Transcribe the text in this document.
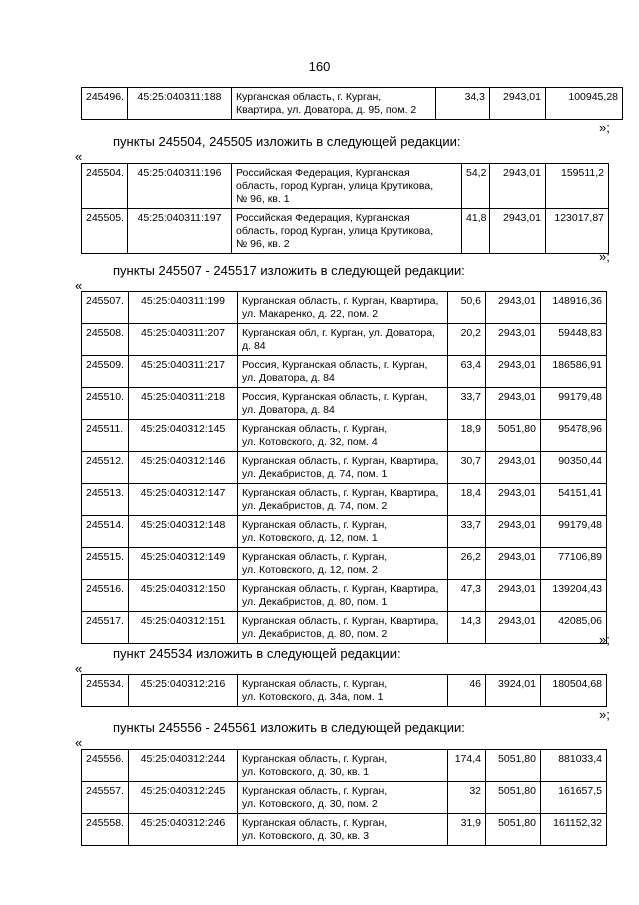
160
245496.	45:25:040311:188	Курганская область, г. Курган,
Квартира, ул. Доватора, д. 95, пом. 2	34,3	2943,01	100945,28
»;
пункты 245504, 245505 изложить в следующей редакции:
«
245504.	45:25:040311:196	Российская Федерация, Курганская
область, город Курган, улица Крутикова,
№ 96, кв. 1	54,2	2943,01	159511,2
245505.	45:25:040311:197	Российская Федерация, Курганская
область, город Курган, улица Крутикова,
№ 96, кв. 2	41,8	2943,01	123017,87
»;
пункты 245507 - 245517 изложить в следующей редакции:
«
245507.	45:25:040311:199	Курганская область, г. Курган, Квартира,
ул. Макаренко, д. 22, пом. 2	50,6	2943,01	148916,36
245508.	45:25:040311:207	Курганская обл, г. Курган, ул. Доватора,
д. 84	20,2	2943,01	59448,83
245509.	45:25:040311:217	Россия, Курганская область, г. Курган,
ул. Доватора, д. 84	63,4	2943,01	186586,91
245510.	45:25:040311:218	Россия, Курганская область, г. Курган,
ул. Доватора, д. 84	33,7	2943,01	99179,48
245511.	45:25:040312:145	Курганская область, г. Курган,
ул. Котовского, д. 32, пом. 4	18,9	5051,80	95478,96
245512.	45:25:040312:146	Курганская область, г. Курган, Квартира,
ул. Декабристов, д. 74, пом. 1	30,7	2943,01	90350,44
245513.	45:25:040312:147	Курганская область, г. Курган, Квартира,
ул. Декабристов, д. 74, пом. 2	18,4	2943,01	54151,41
245514.	45:25:040312:148	Курганская область, г. Курган,
ул. Котовского, д. 12, пом. 1	33,7	2943,01	99179,48
245515.	45:25:040312:149	Курганская область, г. Курган,
ул. Котовского, д. 12, пом. 2	26,2	2943,01	77106,89
245516.	45:25:040312:150	Курганская область, г. Курган, Квартира,
ул. Декабристов, д. 80, пом. 1	47,3	2943,01	139204,43
245517.	45:25:040312:151	Курганская область, г. Курган, Квартира,
ул. Декабристов, д. 80, пом. 2	14,3	2943,01	42085,06
»;
пункт 245534 изложить в следующей редакции:
«
245534.	45:25:040312:216	Курганская область, г. Курган,
ул. Котовского, д. 34а, пом. 1	46	3924,01	180504,68
»;
пункты 245556 - 245561 изложить в следующей редакции:
«
245556.	45:25:040312:244	Курганская область, г. Курган,
ул. Котовского, д. 30, кв. 1	174,4	5051,80	881033,4
245557.	45:25:040312:245	Курганская область, г. Курган,
ул. Котовского, д. 30, пом. 2	32	5051,80	161657,5
245558.	45:25:040312:246	Курганская область, г. Курган,
ул. Котовского, д. 30, кв. 3	31,9	5051,80	161152,32
